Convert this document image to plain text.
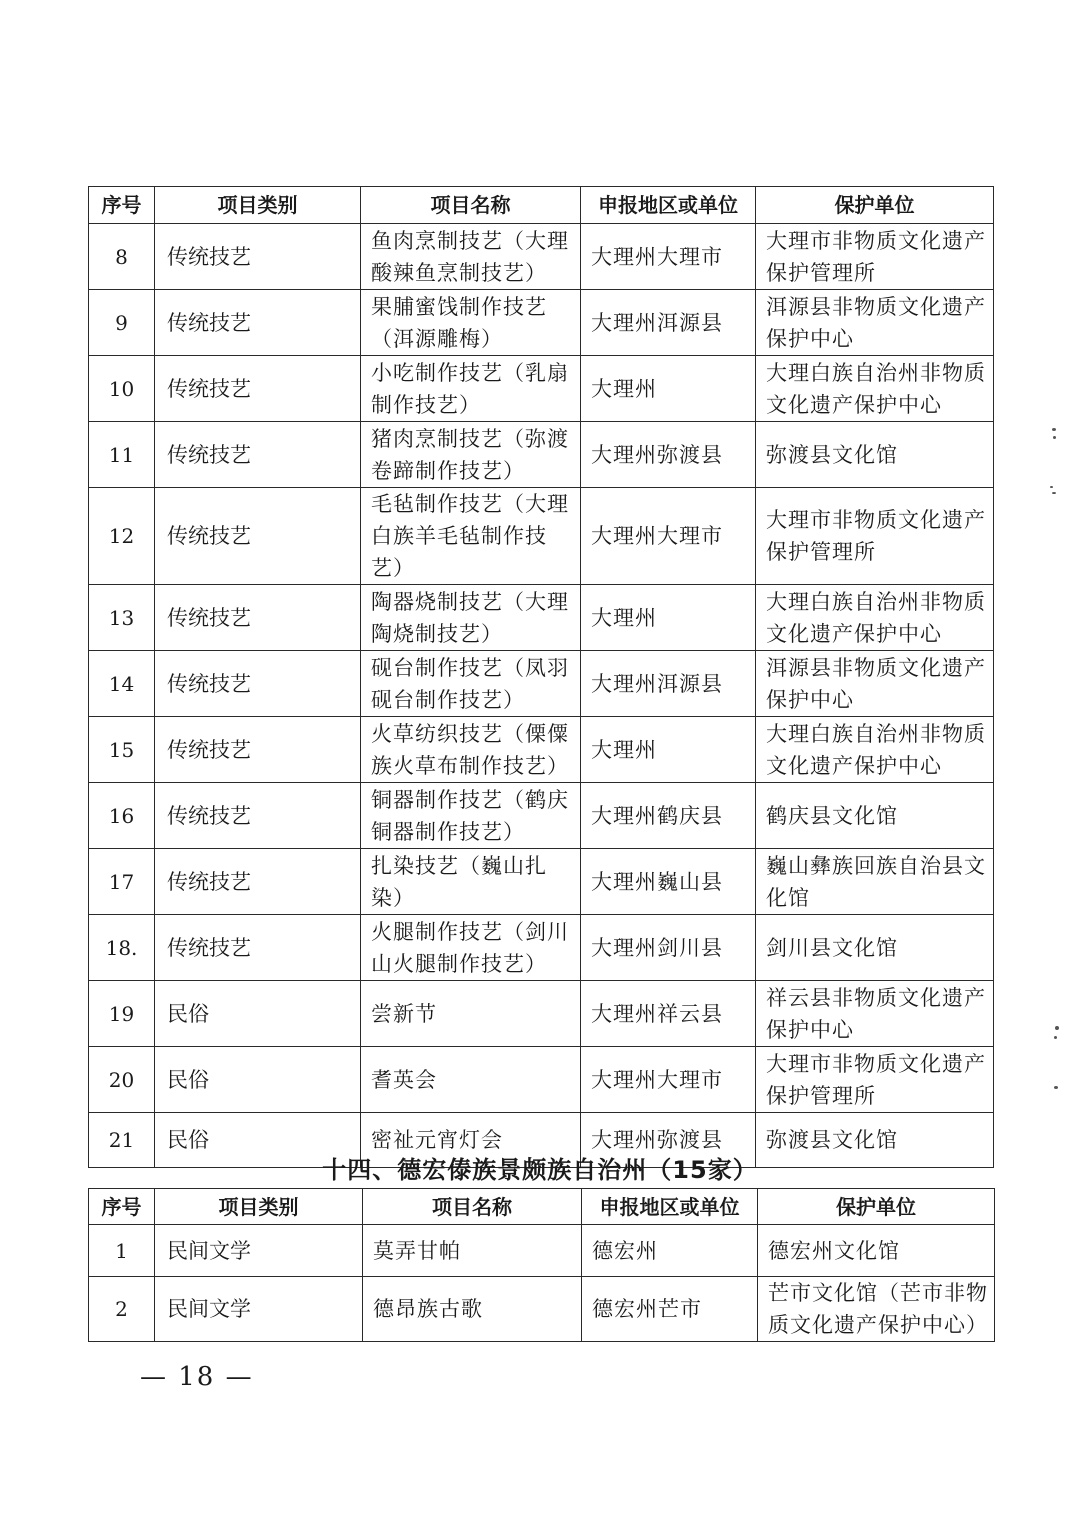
序号	项目类别	项目名称	申报地区或单位	保护单位
8	传统技艺	鱼肉烹制技艺（大理酸辣鱼烹制技艺）	大理州大理市	大理市非物质文化遗产保护管理所
9	传统技艺	果脯蜜饯制作技艺（洱源雕梅）	大理州洱源县	洱源县非物质文化遗产保护中心
10	传统技艺	小吃制作技艺（乳扇制作技艺）	大理州	大理白族自治州非物质文化遗产保护中心
11	传统技艺	猪肉烹制技艺（弥渡卷蹄制作技艺）	大理州弥渡县	弥渡县文化馆
12	传统技艺	毛毡制作技艺（大理白族羊毛毡制作技艺）	大理州大理市	大理市非物质文化遗产保护管理所
13	传统技艺	陶器烧制技艺（大理陶烧制技艺）	大理州	大理白族自治州非物质文化遗产保护中心
14	传统技艺	砚台制作技艺（凤羽砚台制作技艺）	大理州洱源县	洱源县非物质文化遗产保护中心
15	传统技艺	火草纺织技艺（傈僳族火草布制作技艺）	大理州	大理白族自治州非物质文化遗产保护中心
16	传统技艺	铜器制作技艺（鹤庆铜器制作技艺）	大理州鹤庆县	鹤庆县文化馆
17	传统技艺	扎染技艺（巍山扎染）	大理州巍山县	巍山彝族回族自治县文化馆
18.	传统技艺	火腿制作技艺（剑川山火腿制作技艺）	大理州剑川县	剑川县文化馆
19	民俗	尝新节	大理州祥云县	祥云县非物质文化遗产保护中心
20	民俗	耆英会	大理州大理市	大理市非物质文化遗产保护管理所
21	民俗	密祉元宵灯会	大理州弥渡县	弥渡县文化馆
十四、德宏傣族景颇族自治州（15家）
序号	项目类别	项目名称	申报地区或单位	保护单位
1	民间文学	莫弄甘帕	德宏州	德宏州文化馆
2	民间文学	德昂族古歌	德宏州芒市	芒市文化馆（芒市非物质文化遗产保护中心）
— 18 —
